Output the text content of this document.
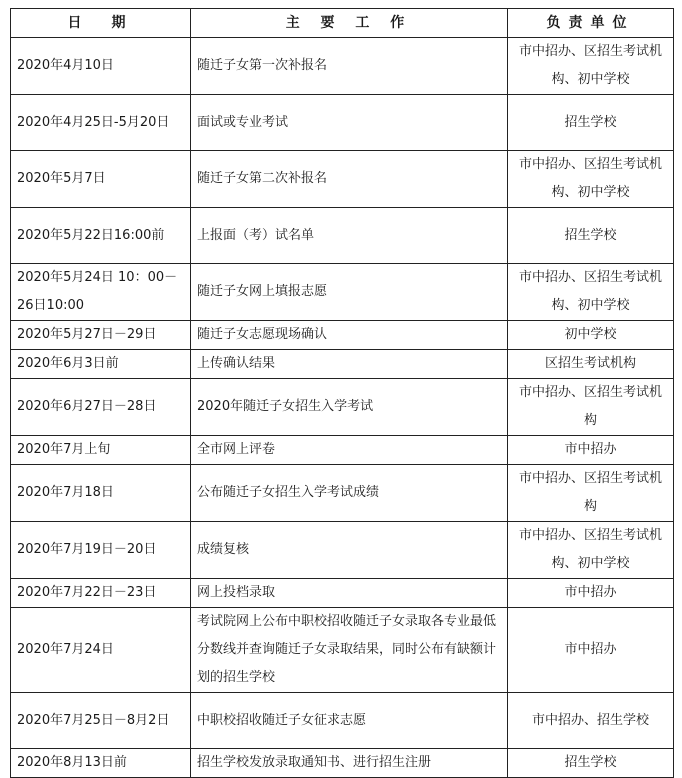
日　期	主 要 工 作	负责单位
2020年4月10日	随迁子女第一次补报名	市中招办、区招生考试机构、初中学校
2020年4月25日-5月20日	面试或专业考试	招生学校
2020年5月7日	随迁子女第二次补报名	市中招办、区招生考试机构、初中学校
2020年5月22日16:00前	上报面（考）试名单	招生学校
2020年5月24日 10：00－26日10:00	随迁子女网上填报志愿	市中招办、区招生考试机构、初中学校
2020年5月27日－29日	随迁子女志愿现场确认	初中学校
2020年6月3日前	上传确认结果	区招生考试机构
2020年6月27日－28日	2020年随迁子女招生入学考试	市中招办、区招生考试机构
2020年7月上旬	全市网上评卷	市中招办
2020年7月18日	公布随迁子女招生入学考试成绩	市中招办、区招生考试机构
2020年7月19日－20日	成绩复核	市中招办、区招生考试机构、初中学校
2020年7月22日－23日	网上投档录取	市中招办
2020年7月24日	考试院网上公布中职校招收随迁子女录取各专业最低分数线并查询随迁子女录取结果，同时公布有缺额计划的招生学校	市中招办
2020年7月25日－8月2日	中职校招收随迁子女征求志愿	市中招办、招生学校
2020年8月13日前	招生学校发放录取通知书、进行招生注册	招生学校
